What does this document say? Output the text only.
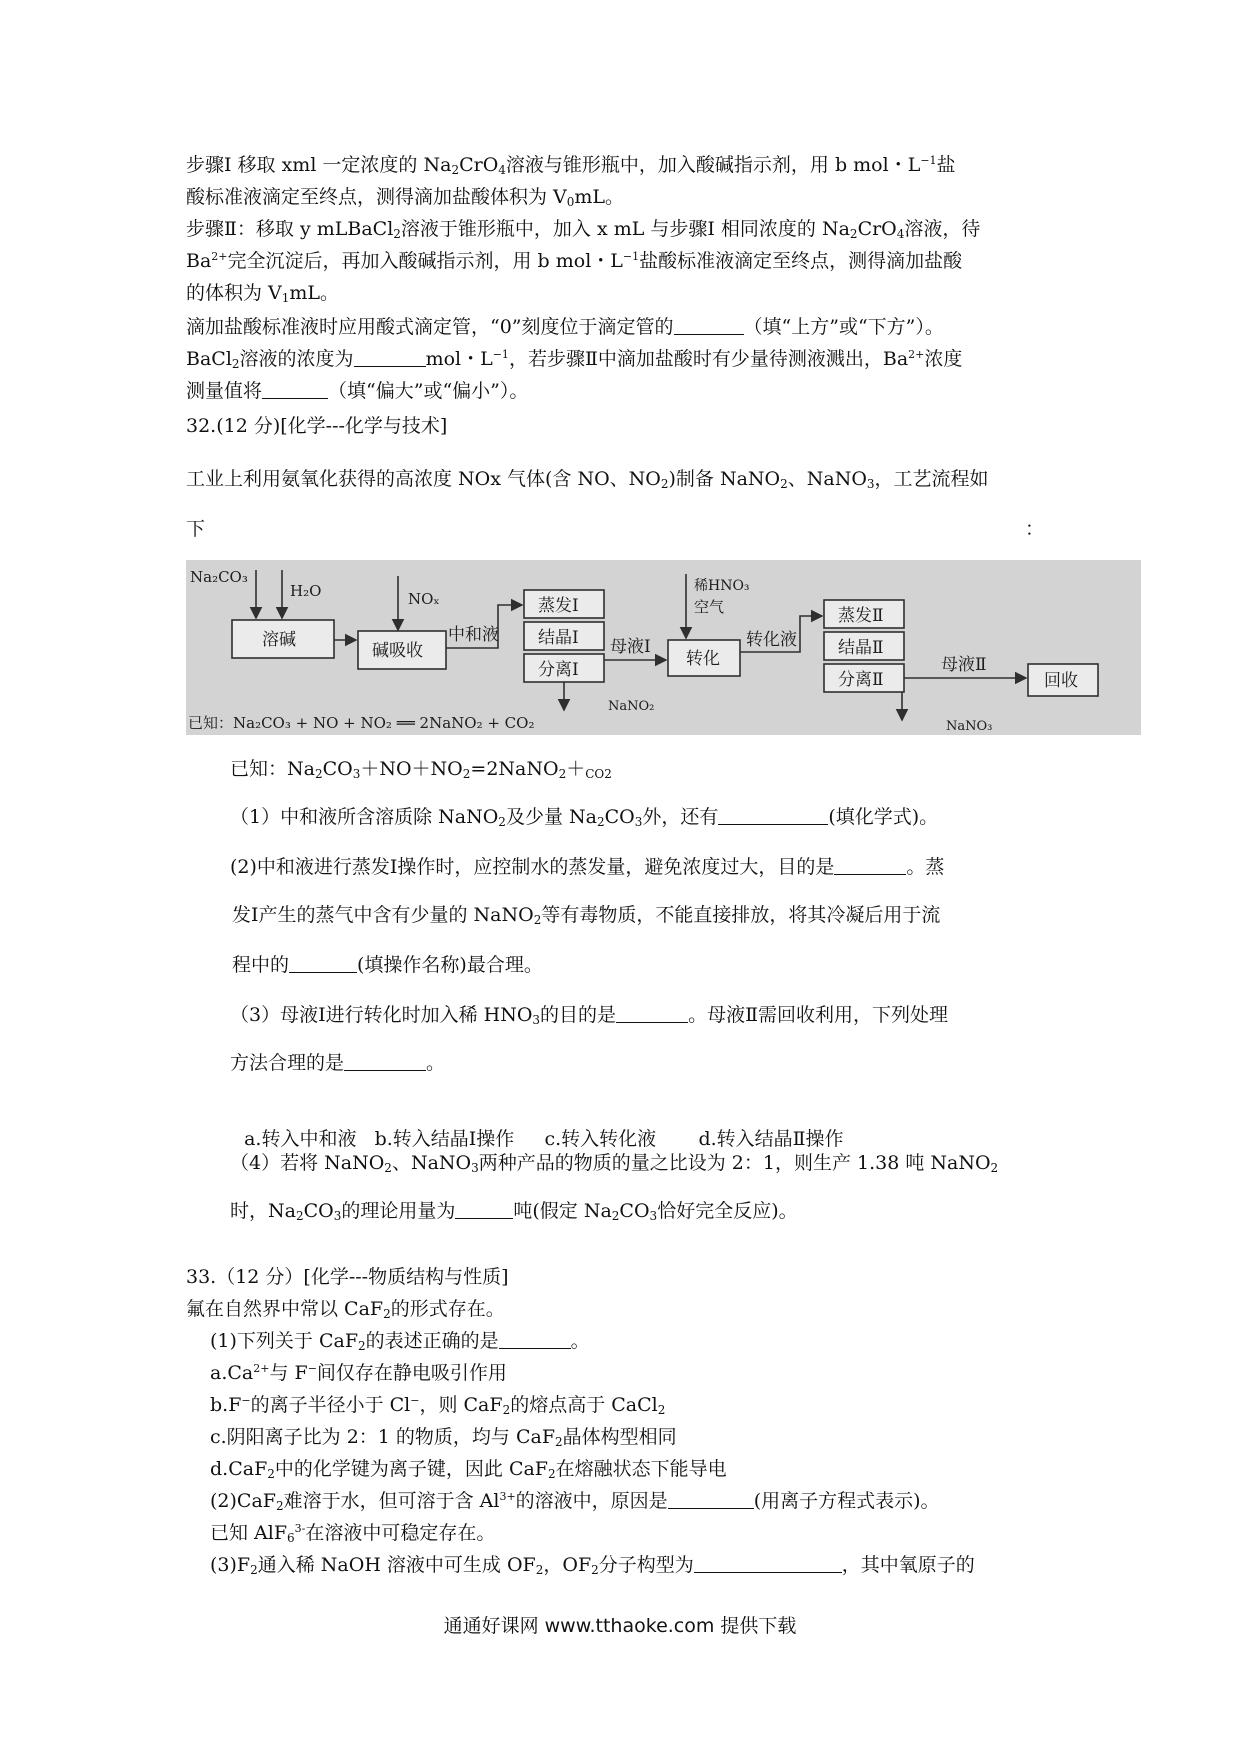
步骤Ⅰ 移取 xml 一定浓度的 $Na_2CrO_4$溶液与锥形瓶中，加入酸碱指示剂，用 b mol・$L^{-1}$盐
酸标准液滴定至终点，测得滴加盐酸体积为 $V_0mL$。
步骤Ⅱ：移取 y mLBaCl$_2$溶液于锥形瓶中，加入 x mL 与步骤Ⅰ 相同浓度的 $Na_2CrO_4$溶液，待
$Ba^{2+}$完全沉淀后，再加入酸碱指示剂，用 b mol・$L^{-1}$盐酸标准液滴定至终点，测得滴加盐酸
的体积为 $V_1mL$。
滴加盐酸标准液时应用酸式滴定管，“0”刻度位于滴定管的	（填“上方”或“下方”）。
BaCl$_2$溶液的浓度为	mol・$L^{-1}$，若步骤Ⅱ中滴加盐酸时有少量待测液溅出，$Ba^{2+}$浓度
测量值将	（填“偏大”或“偏小”）。
32.(12 分)[化学---化学与技术]
工业上利用氨氧化获得的高浓度 NOx 气体(含 NO、$NO_2$)制备 NaNO$_2$、NaNO$_3$，工艺流程如
下	：
Na₂CO₃
H₂O	NOₓ
溶碱
碱吸收
中和液
蒸发Ⅰ
结晶Ⅰ
分离Ⅰ
NaNO₂
母液Ⅰ
稀HNO₃
空气
转化
转化液
蒸发Ⅱ
结晶Ⅱ
分离Ⅱ
NaNO₃
母液Ⅱ
回收
已知：Na₂CO₃ + NO + NO₂ ══ 2NaNO₂ + CO₂
已知：$Na_2CO_3+NO+NO_2=2NaNO_2+_{CO2}$
（1）中和液所含溶质除 NaNO$_2$及少量 $Na_2CO_3$外，还有	(填化学式)。
(2)中和液进行蒸发Ⅰ操作时，应控制水的蒸发量，避免浓度过大，目的是	。蒸
发Ⅰ产生的蒸气中含有少量的 NaNO$_2$等有毒物质，不能直接排放，将其冷凝后用于流
程中的	(填操作名称)最合理。
（3）母液Ⅰ进行转化时加入稀 $HNO_3$的目的是	。母液Ⅱ需回收利用，下列处理
方法合理的是	。

a.转入中和液   b.转入结晶Ⅰ操作     c.转入转化液       d.转入结晶Ⅱ操作

（4）若将 NaNO$_2$、NaNO$_3$两种产品的物质的量之比设为 2：1，则生产 1.38 吨 NaNO$_2$
时，$Na_2CO_3$的理论用量为	吨(假定 $Na_2CO_3$恰好完全反应)。
33.（12 分）[化学---物质结构与性质]
氟在自然界中常以 CaF$_2$的形式存在。
(1)下列关于 CaF$_2$的表述正确的是	。
$a.Ca^{2+}$与 F−间仅存在静电吸引作用
b.F−的离子半径小于 Cl−，则 CaF$_2$的熔点高于 CaCl$_2$
c.阴阳离子比为 2：1 的物质，均与 CaF$_2$晶体构型相同
d.CaF$_2$中的化学键为离子键，因此 CaF$_2$在熔融状态下能导电
(2)CaF$_2$难溶于水，但可溶于含 $Al^{3+}$的溶液中，原因是	(用离子方程式表示)。
已知 AlF$_6^{3-}$在溶液中可稳定存在。
$(3)F_2$通入稀 NaOH 溶液中可生成 $OF_2$，$OF_2$分子构型为	，其中氧原子的
通通好课网 www.tthaoke.com 提供下载
